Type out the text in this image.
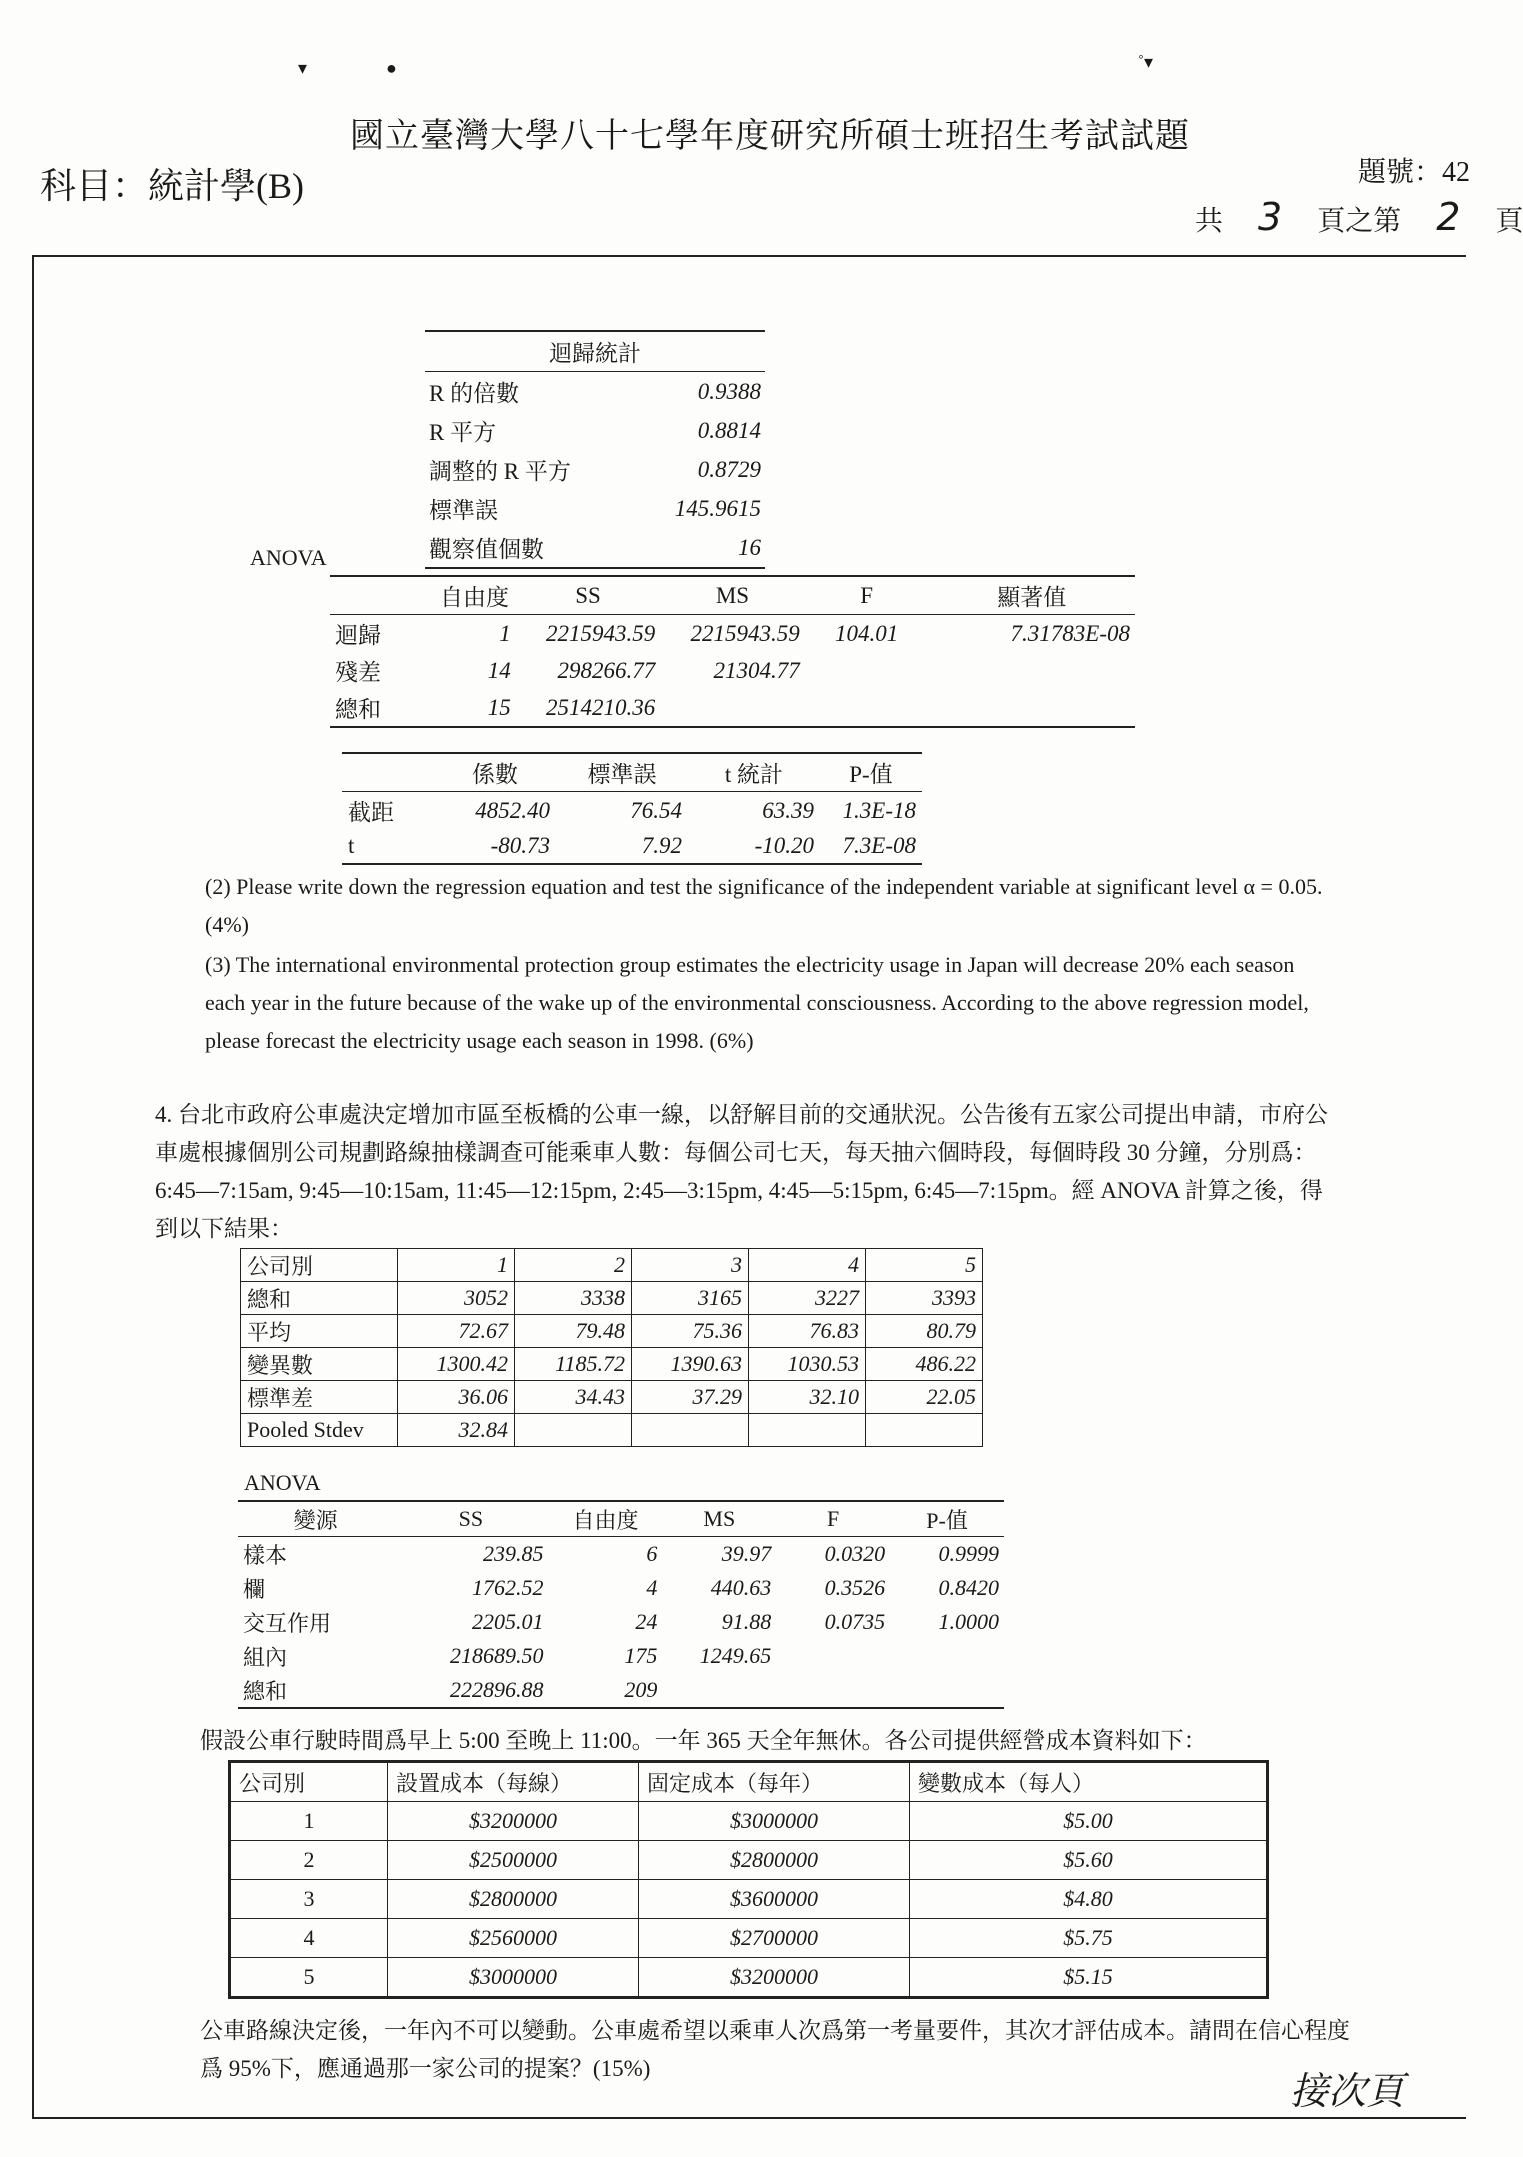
▾	●	˚▾
國立臺灣大學八十七學年度研究所碩士班招生考試試題
科目：統計學(B)	題號：42
共 3 頁之第 2 頁
迴歸統計	
R 的倍數	0.9388
R 平方	0.8814
調整的 R 平方	0.8729
標準誤	145.9615
觀察值個數	16
ANOVA
	自由度	SS	MS	F	顯著值
迴歸	1	2215943.59	2215943.59	104.01	7.31783E-08
殘差	14	298266.77	21304.77		
總和	15	2514210.36			
	係數	標準誤	t 統計	P-值
截距	4852.40	76.54	63.39	1.3E-18
t	-80.73	7.92	-10.20	7.3E-08
(2) Please write down the regression equation and test the significance of the independent variable at significant level α = 0.05. (4%)
(3) The international environmental protection group estimates the electricity usage in Japan will decrease 20% each season each year in the future because of the wake up of the environmental consciousness. According to the above regression model, please forecast the electricity usage each season in 1998. (6%)
4. 台北市政府公車處決定增加市區至板橋的公車一線，以舒解目前的交通狀況。公告後有五家公司提出申請，市府公車處根據個別公司規劃路線抽樣調查可能乘車人數：每個公司七天，每天抽六個時段，每個時段 30 分鐘，分別爲：6:45—7:15am, 9:45—10:15am, 11:45—12:15pm, 2:45—3:15pm, 4:45—5:15pm, 6:45—7:15pm。經 ANOVA 計算之後，得到以下結果：
公司別	1	2	3	4	5
總和	3052	3338	3165	3227	3393
平均	72.67	79.48	75.36	76.83	80.79
變異數	1300.42	1185.72	1390.63	1030.53	486.22
標準差	36.06	34.43	37.29	32.10	22.05
Pooled Stdev	32.84				
ANOVA
變源	SS	自由度	MS	F	P-值
樣本	239.85	6	39.97	0.0320	0.9999
欄	1762.52	4	440.63	0.3526	0.8420
交互作用	2205.01	24	91.88	0.0735	1.0000
組內	218689.50	175	1249.65		
總和	222896.88	209			
假設公車行駛時間爲早上 5:00 至晚上 11:00。一年 365 天全年無休。各公司提供經營成本資料如下：
公司別	設置成本（每線）	固定成本（每年）	變數成本（每人）
1	$3200000	$3000000	$5.00
2	$2500000	$2800000	$5.60
3	$2800000	$3600000	$4.80
4	$2560000	$2700000	$5.75
5	$3000000	$3200000	$5.15
公車路線決定後，一年內不可以變動。公車處希望以乘車人次爲第一考量要件，其次才評估成本。請問在信心程度爲 95%下，應通過那一家公司的提案？(15%)
接次頁
